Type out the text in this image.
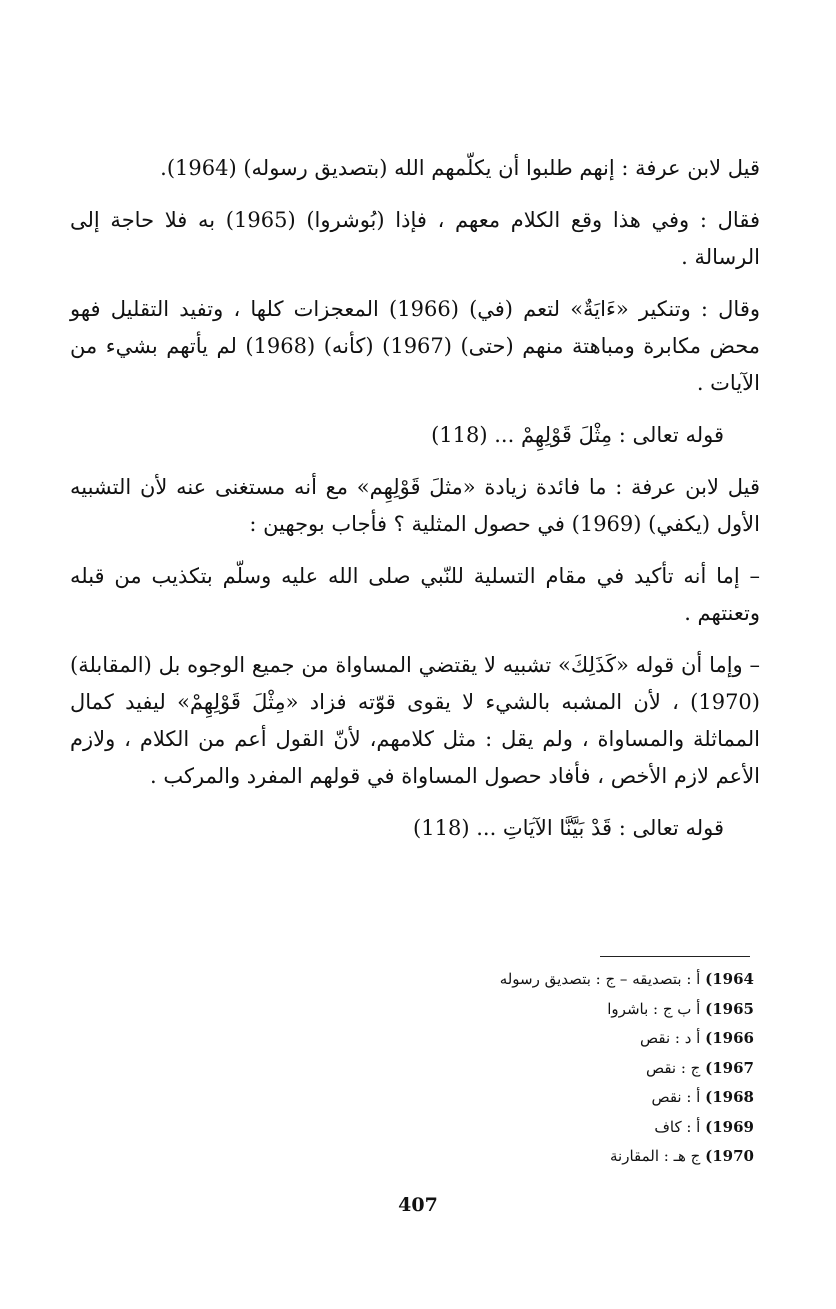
قيل لابن عرفة : إنهم طلبوا أن يكلّمهم الله (بتصديق رسوله) (1964).

فقال : وفي هذا وقع الكلام معهم ، فإذا (بُوشروا) (1965) به فلا حاجة إلى الرسالة .

وقال : وتنكير «ءَايَةٌ» لتعم (في) (1966) المعجزات كلها ، وتفيد التقليل فهو محض مكابرة ومباهتة منهم (حتى) (1967) (كأنه) (1968) لم يأتهم بشيء من الآيات .

قوله تعالى : مِثْلَ قَوْلِهِمْ ... (118)

قيل لابن عرفة : ما فائدة زيادة «مثلَ قَوْلِهِم» مع أنه مستغنى عنه لأن التشبيه الأول (يكفي) (1969) في حصول المثلية ؟ فأجاب بوجهين :

– إما أنه تأكيد في مقام التسلية للنّبي صلى الله عليه وسلّم بتكذيب من قبله وتعنتهم .

– وإما أن قوله «كَذَلِكَ» تشبيه لا يقتضي المساواة من جميع الوجوه بل (المقابلة) (1970) ، لأن المشبه بالشيء لا يقوى قوّته فزاد «مِثْلَ قَوْلِهِمْ» ليفيد كمال المماثلة والمساواة ، ولم يقل : مثل كلامهم، لأنّ القول أعم من الكلام ، ولازم الأعم لازم الأخص ، فأفاد حصول المساواة في قولهم المفرد والمركب .

قوله تعالى : قَدْ بَيَّنَّا الآيَاتِ ... (118)

1964) أ : بتصديقه – ج : بتصديق رسوله
1965) أ ب ج : باشروا
1966) أ د : نقص
1967) ج : نقص
1968) أ : نقص
1969) أ : كاف
1970) ج هـ : المقارنة
407
